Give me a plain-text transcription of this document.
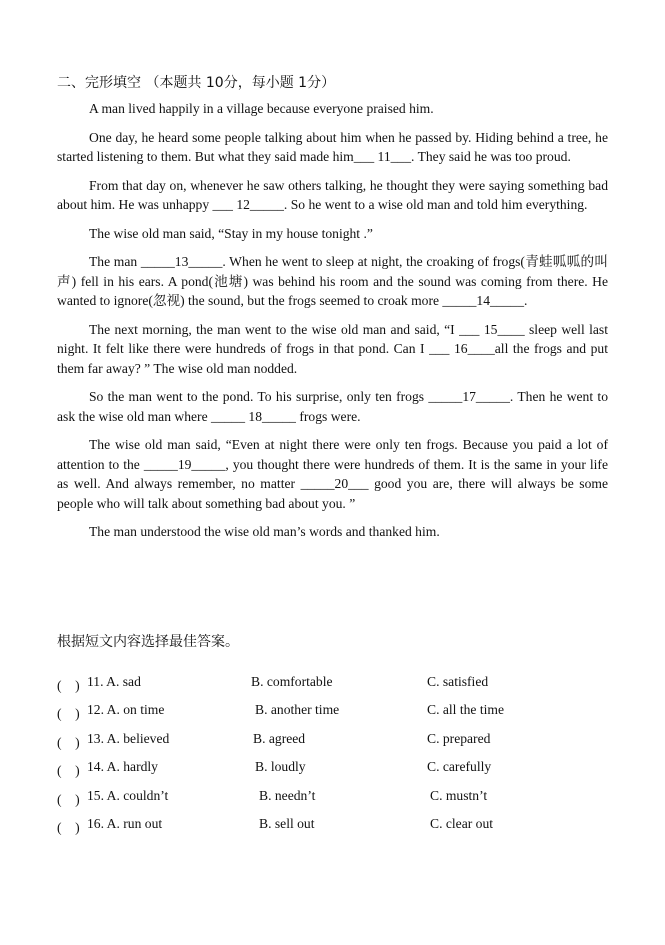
二、完形填空 （本题共 10分，每小题 1分）

A man lived happily in a village because everyone praised him.

One day, he heard some people talking about him when he passed by. Hiding behind a tree, he started listening to them. But what they said made him___ 11___. They said he was too proud.

From that day on, whenever he saw others talking, he thought they were saying something bad about him. He was unhappy ___ 12_____. So he went to a wise old man and told him everything.

The wise old man said, “Stay in my house tonight .”

The man _____13_____. When he went to sleep at night, the croaking of frogs(青蛙呱呱的叫声) fell in his ears. A pond(池塘) was behind his room and the sound was coming from there. He wanted to ignore(忽视) the sound, but the frogs seemed to croak more _____14_____.

The next morning, the man went to the wise old man and said, “I ___ 15____ sleep well last night. It felt like there were hundreds of frogs in that pond. Can I ___ 16____all the frogs and put them far away? ” The wise old man nodded.

So the man went to the pond. To his surprise, only ten frogs _____17_____. Then he went to ask the wise old man where _____ 18_____ frogs were.

The wise old man said, “Even at night there were only ten frogs. Because you paid a lot of attention to the _____19_____, you thought there were hundreds of them. It is the same in your life as well. And always remember, no matter _____20___ good you are, there will always be some people who will talk about something bad about you. ”

The man understood the wise old man’s words and thanked him.

根据短文内容选择最佳答案。
(　) 11. A. sad	B. comfortable	C. satisfied
(　) 12. A. on time	B. another time	C. all the time
(　) 13. A. believed	B. agreed	C. prepared
(　) 14. A. hardly	B. loudly	C. carefully
(　) 15. A. couldn’t	B. needn’t	C. mustn’t
(　) 16. A. run out	B. sell out	C. clear out
